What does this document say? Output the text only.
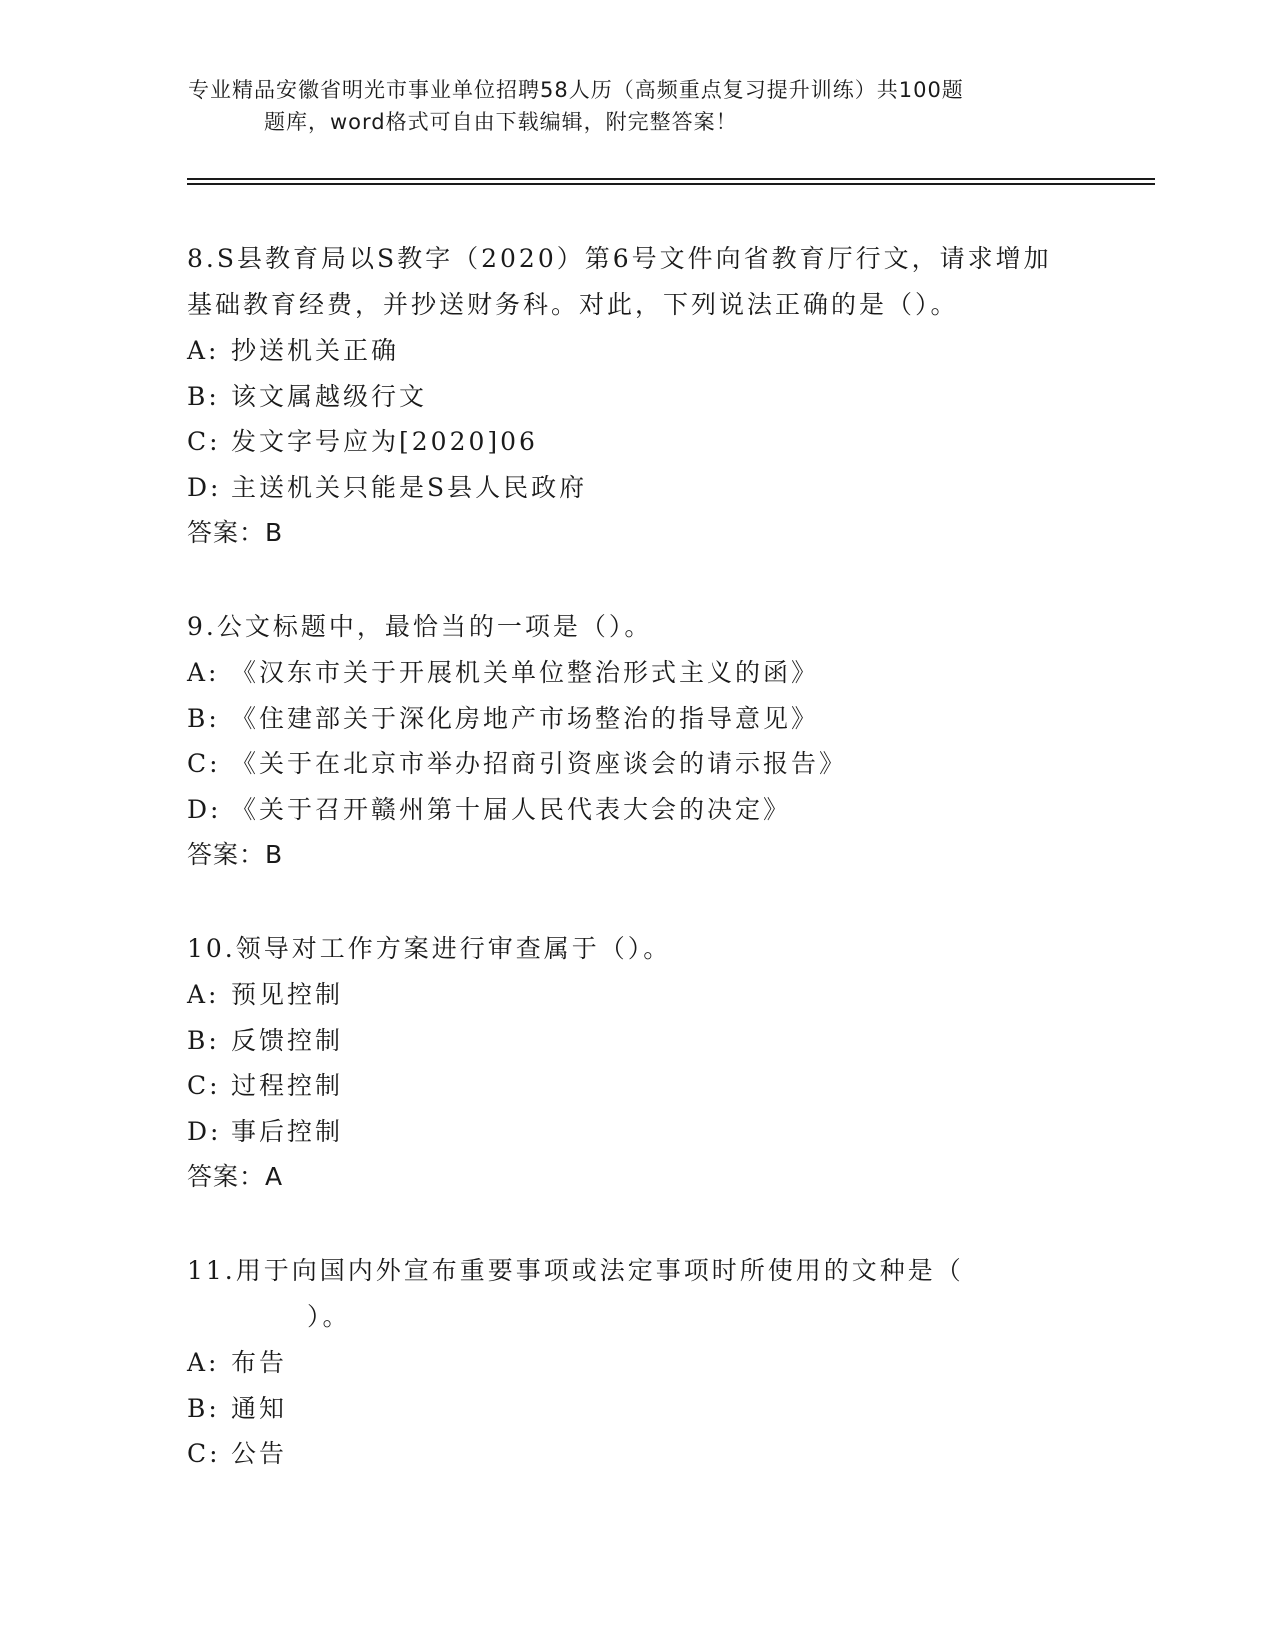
专业精品安徽省明光市事业单位招聘58人历（高频重点复习提升训练）共100题
题库，word格式可自由下载编辑，附完整答案！
8.S县教育局以S教字（2020）第6号文件向省教育厅行文，请求增加
基础教育经费，并抄送财务科。对此，下列说法正确的是（）。
A: 抄送机关正确
B: 该文属越级行文
C: 发文字号应为[2020]06
D: 主送机关只能是S县人民政府
答案：B
9.公文标题中，最恰当的一项是（）。
A: 《汉东市关于开展机关单位整治形式主义的函》
B: 《住建部关于深化房地产市场整治的指导意见》
C: 《关于在北京市举办招商引资座谈会的请示报告》
D: 《关于召开赣州第十届人民代表大会的决定》
答案：B
10.领导对工作方案进行审查属于（）。
A: 预见控制
B: 反馈控制
C: 过程控制
D: 事后控制
答案：A
11.用于向国内外宣布重要事项或法定事项时所使用的文种是（
）。
A: 布告
B: 通知
C: 公告
